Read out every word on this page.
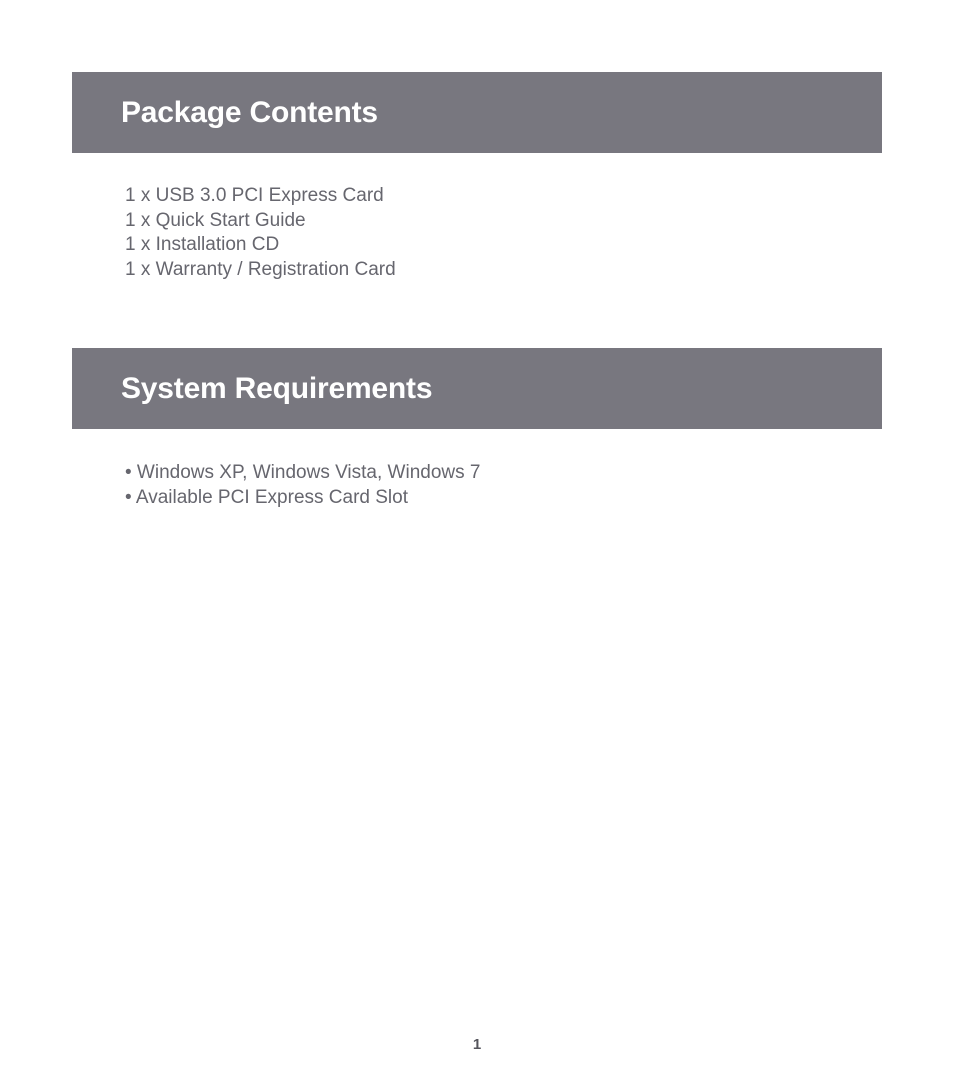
Package Contents
1 x USB 3.0 PCI Express Card
1 x Quick Start Guide
1 x Installation CD
1 x Warranty / Registration Card
System Requirements
• Windows XP, Windows Vista, Windows 7
• Available PCI Express Card Slot
1
